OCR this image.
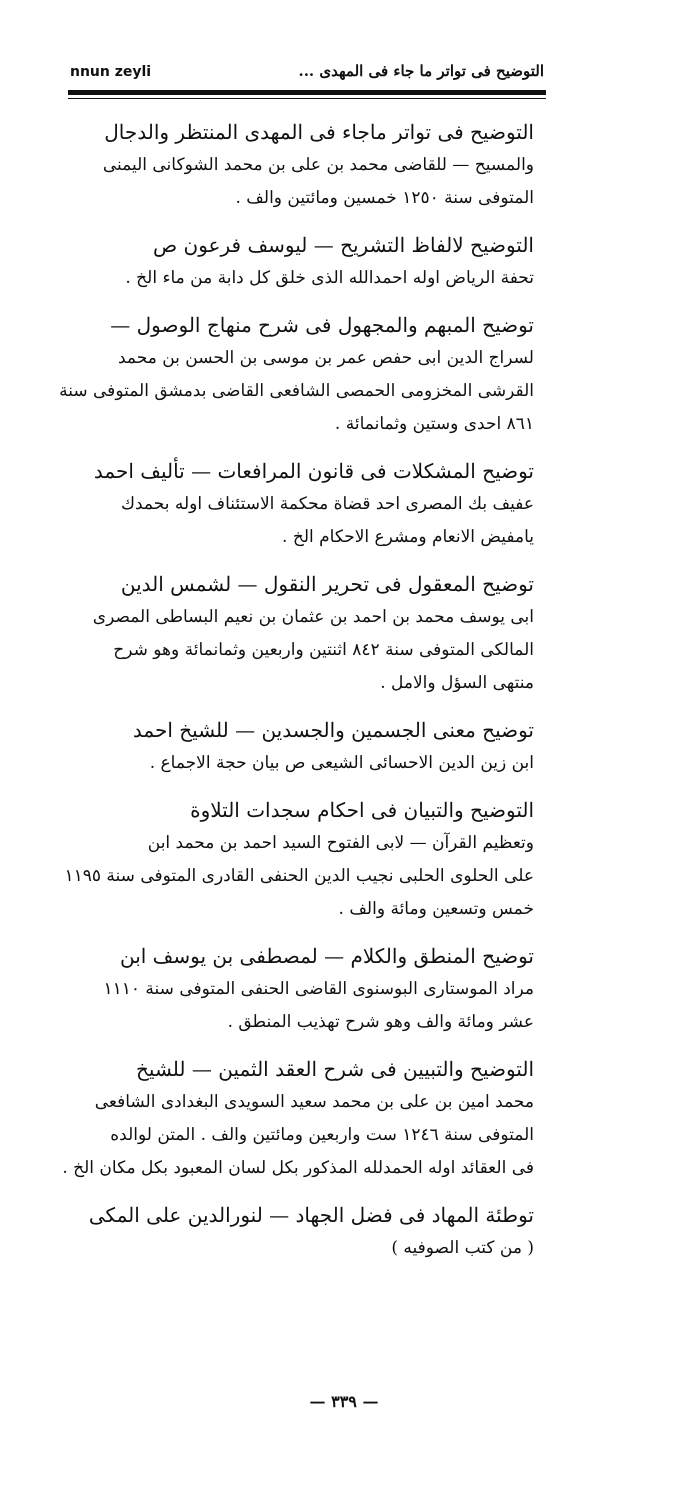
nnun zeyli	التوضيح فى تواتر ما جاء فى المهدى ...
التوضيح فى تواتر ماجاء فى المهدى المنتظر والدجال
والمسيح — للقاضى محمد بن على بن محمد الشوكانى اليمنى
المتوفى سنة ١٢٥٠ خمسين ومائتين والف .
التوضيح لالفاظ التشريح — ليوسف فرعون ص
تحفة الرياض اوله احمدالله الذى خلق كل دابة من ماء الخ .
توضيح المبهم والمجهول فى شرح منهاج الوصول —
لسراج الدين ابى حفص عمر بن موسى بن الحسن بن محمد
القرشى المخزومى الحمصى الشافعى القاضى بدمشق المتوفى سنة
٨٦١ احدى وستين وثمانمائة .
توضيح المشكلات فى قانون المرافعات — تأليف احمد
عفيف بك المصرى احد قضاة محكمة الاستئناف اوله بحمدك
يامفيض الانعام ومشرع الاحكام الخ .
توضيح المعقول فى تحرير النقول — لشمس الدين
ابى يوسف محمد بن احمد بن عثمان بن نعيم البساطى المصرى
المالكى المتوفى سنة ٨٤٢ اثنتين واربعين وثمانمائة وهو شرح
منتهى السؤل والامل .
توضيح معنى الجسمين والجسدين — للشيخ احمد
ابن زين الدين الاحسائى الشيعى ص بيان حجة الاجماع .
التوضيح والتبيان فى احكام سجدات التلاوة
وتعظيم القرآن — لابى الفتوح السيد احمد بن محمد ابن
على الحلوى الحلبى نجيب الدين الحنفى القادرى المتوفى سنة ١١٩٥
خمس وتسعين ومائة والف .
توضيح المنطق والكلام — لمصطفى بن يوسف ابن
مراد الموستارى البوسنوى القاضى الحنفى المتوفى سنة ١١١٠
عشر ومائة والف وهو شرح تهذيب المنطق .
التوضيح والتبيين فى شرح العقد الثمين — للشيخ
محمد امين بن على بن محمد سعيد السويدى البغدادى الشافعى
المتوفى سنة ١٢٤٦ ست واربعين ومائتين والف . المتن لوالده
فى العقائد اوله الحمدلله المذكور بكل لسان المعبود بكل مكان الخ .
توطئة المهاد فى فضل الجهاد — لنورالدين على المكى
( من كتب الصوفيه )
— ٣٣٩ —
